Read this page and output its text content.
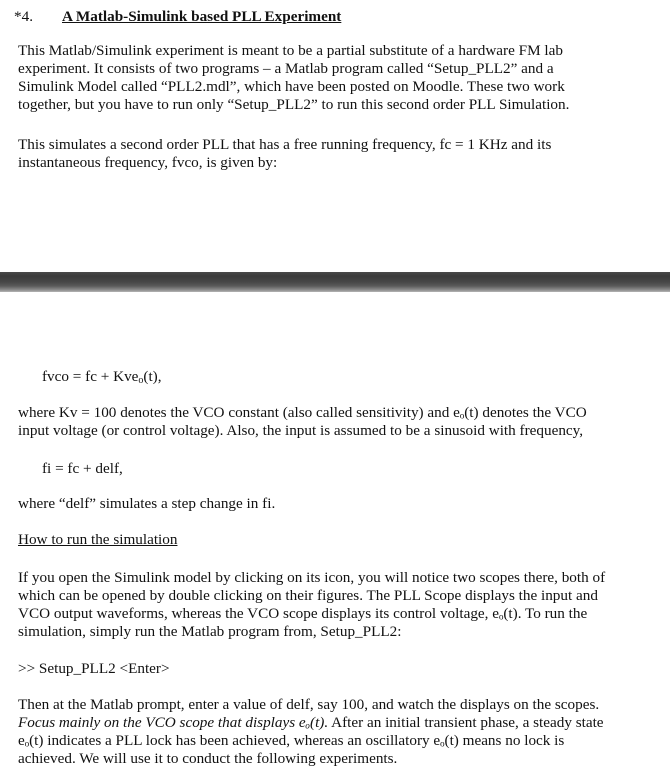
*4. A Matlab-Simulink based PLL Experiment

This Matlab/Simulink experiment is meant to be a partial substitute of a hardware FM lab
experiment. It consists of two programs – a Matlab program called “Setup_PLL2” and a
Simulink Model called “PLL2.mdl”, which have been posted on Moodle. These two work
together, but you have to run only “Setup_PLL2” to run this second order PLL Simulation.

This simulates a second order PLL that has a free running frequency, fc = 1 KHz and its
instantaneous frequency, fvco, is given by:

fvco = fc + Kve$_o$(t),

where Kv = 100 denotes the VCO constant (also called sensitivity) and eₒ(t) denotes the VCO
input voltage (or control voltage). Also, the input is assumed to be a sinusoid with frequency,

fi = fc + delf,
where “delf” simulates a step change in fi.
How to run the simulation

If you open the Simulink model by clicking on its icon, you will notice two scopes there, both of
which can be opened by double clicking on their figures. The PLL Scope displays the input and
VCO output waveforms, whereas the VCO scope displays its control voltage, eₒ(t). To run the
simulation, simply run the Matlab program from, Setup_PLL2:

>> Setup_PLL2 <Enter>

Then at the Matlab prompt, enter a value of delf, say 100, and watch the displays on the scopes.
Focus mainly on the VCO scope that displays eₒ(t). After an initial transient phase, a steady state
eₒ(t) indicates a PLL lock has been achieved, whereas an oscillatory eₒ(t) means no lock is
achieved. We will use it to conduct the following experiments.
